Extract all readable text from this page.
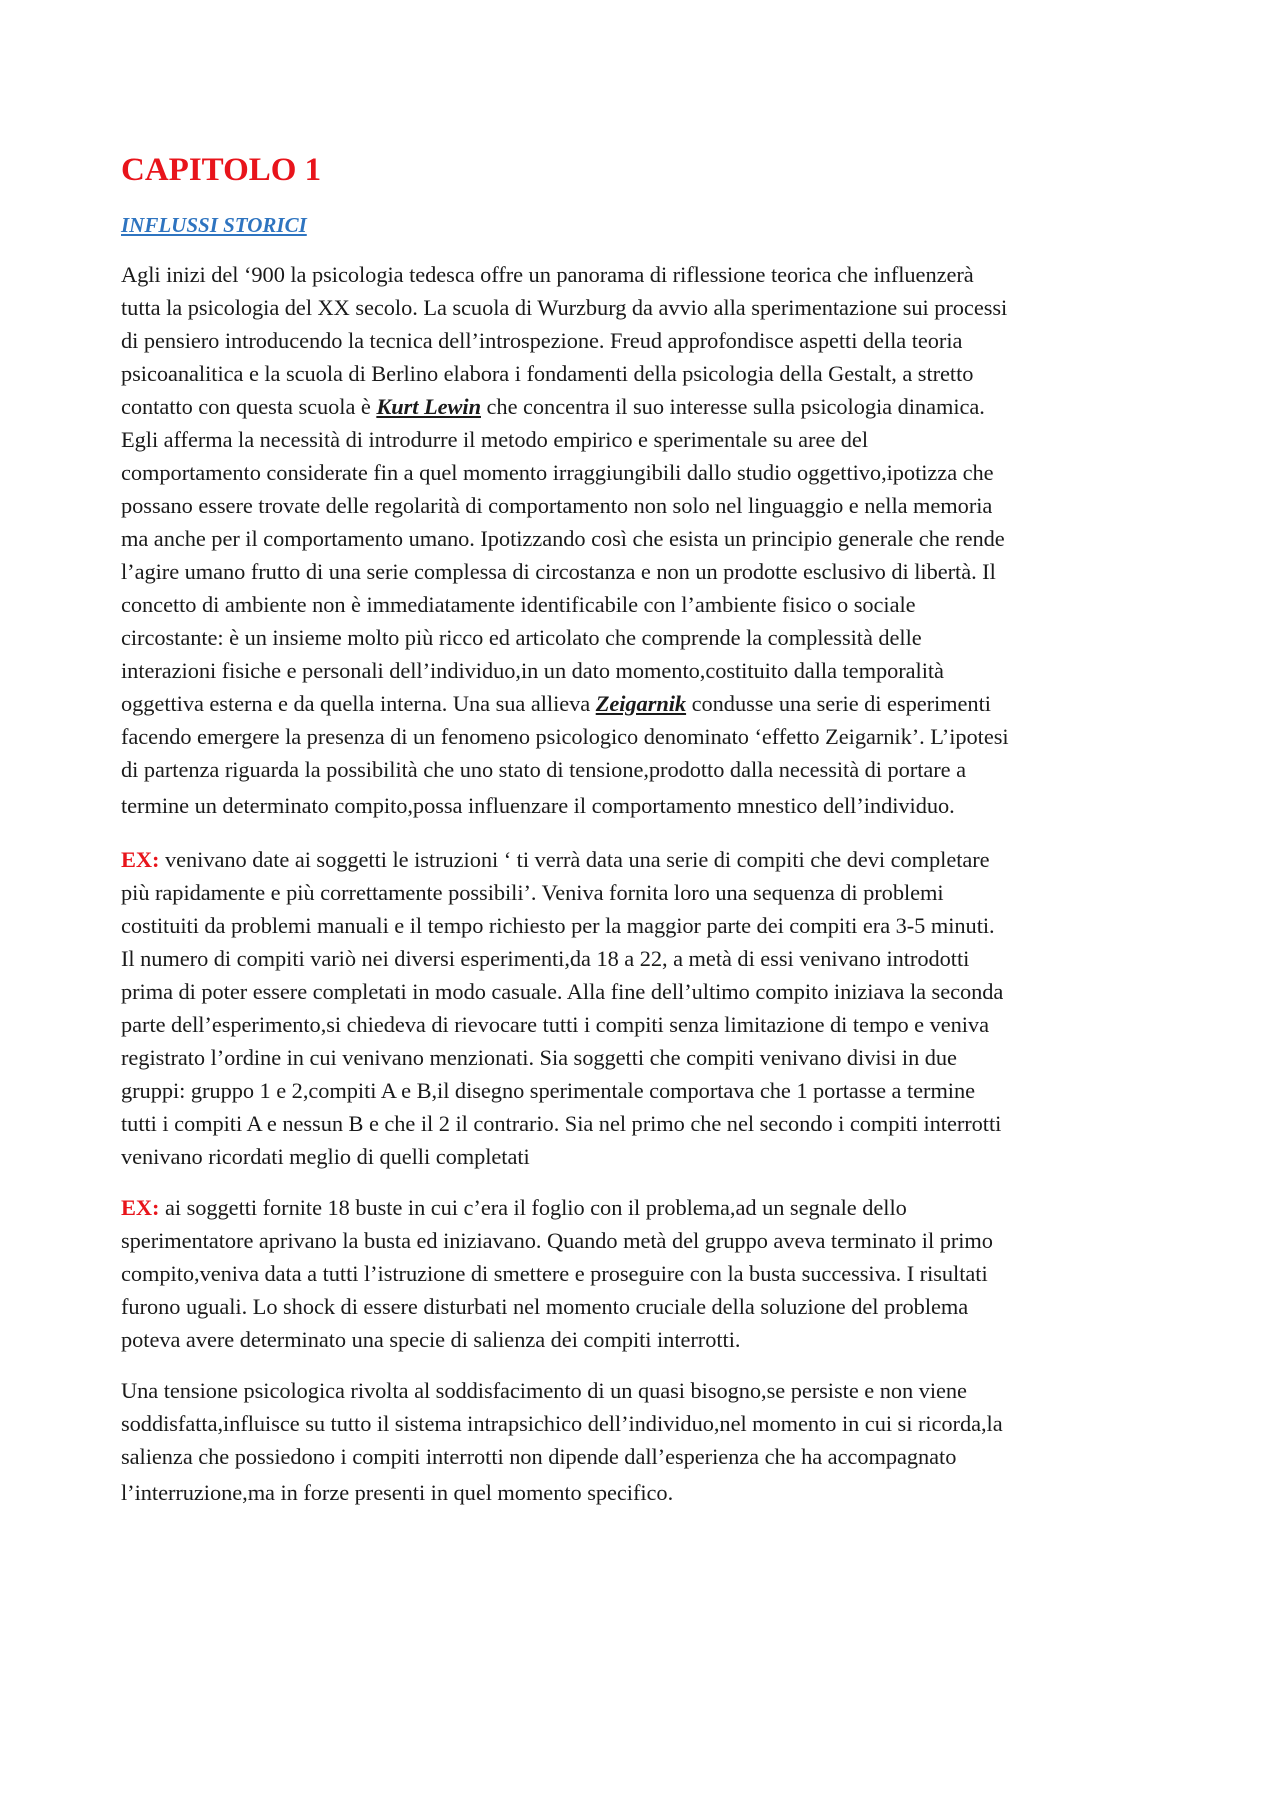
CAPITOLO 1
INFLUSSI STORICI

Agli inizi del ‘900 la psicologia tedesca offre un panorama di riflessione teorica che influenzerà
tutta la psicologia del XX secolo. La scuola di Wurzburg da avvio alla sperimentazione sui processi
di pensiero introducendo la tecnica dell’introspezione. Freud approfondisce aspetti della teoria
psicoanalitica e la scuola di Berlino elabora i fondamenti della psicologia della Gestalt, a stretto
contatto con questa scuola è Kurt Lewin che concentra il suo interesse sulla psicologia dinamica.
Egli afferma la necessità di introdurre il metodo empirico e sperimentale su aree del
comportamento considerate fin a quel momento irraggiungibili dallo studio oggettivo,ipotizza che
possano essere trovate delle regolarità di comportamento non solo nel linguaggio e nella memoria
ma anche per il comportamento umano. Ipotizzando così che esista un principio generale che rende
l’agire umano frutto di una serie complessa di circostanza e non un prodotte esclusivo di libertà. Il
concetto di ambiente non è immediatamente identificabile con l’ambiente fisico o sociale
circostante: è un insieme molto più ricco ed articolato che comprende la complessità delle
interazioni fisiche e personali dell’individuo,in un dato momento,costituito dalla temporalità
oggettiva esterna e da quella interna. Una sua allieva Zeigarnik condusse una serie di esperimenti
facendo emergere la presenza di un fenomeno psicologico denominato ‘effetto Zeigarnik’. L’ipotesi
di partenza riguarda la possibilità che uno stato di tensione,prodotto dalla necessità di portare a
termine un determinato compito,possa influenzare il comportamento mnestico dell’individuo.

EX: venivano date ai soggetti le istruzioni ‘ ti verrà data una serie di compiti che devi completare
più rapidamente e più correttamente possibili’. Veniva fornita loro una sequenza di problemi
costituiti da problemi manuali e il tempo richiesto per la maggior parte dei compiti era 3-5 minuti.
Il numero di compiti variò nei diversi esperimenti,da 18 a 22, a metà di essi venivano introdotti
prima di poter essere completati in modo casuale. Alla fine dell’ultimo compito iniziava la seconda
parte dell’esperimento,si chiedeva di rievocare tutti i compiti senza limitazione di tempo e veniva
registrato l’ordine in cui venivano menzionati. Sia soggetti che compiti venivano divisi in due
gruppi: gruppo 1 e 2,compiti A e B,il disegno sperimentale comportava che 1 portasse a termine
tutti i compiti A e nessun B e che il 2 il contrario. Sia nel primo che nel secondo i compiti interrotti
venivano ricordati meglio di quelli completati

EX: ai soggetti fornite 18 buste in cui c’era il foglio con il problema,ad un segnale dello
sperimentatore aprivano la busta ed iniziavano. Quando metà del gruppo aveva terminato il primo
compito,veniva data a tutti l’istruzione di smettere e proseguire con la busta successiva. I risultati
furono uguali. Lo shock di essere disturbati nel momento cruciale della soluzione del problema
poteva avere determinato una specie di salienza dei compiti interrotti.

Una tensione psicologica rivolta al soddisfacimento di un quasi bisogno,se persiste e non viene
soddisfatta,influisce su tutto il sistema intrapsichico dell’individuo,nel momento in cui si ricorda,la
salienza che possiedono i compiti interrotti non dipende dall’esperienza che ha accompagnato
l’interruzione,ma in forze presenti in quel momento specifico.
